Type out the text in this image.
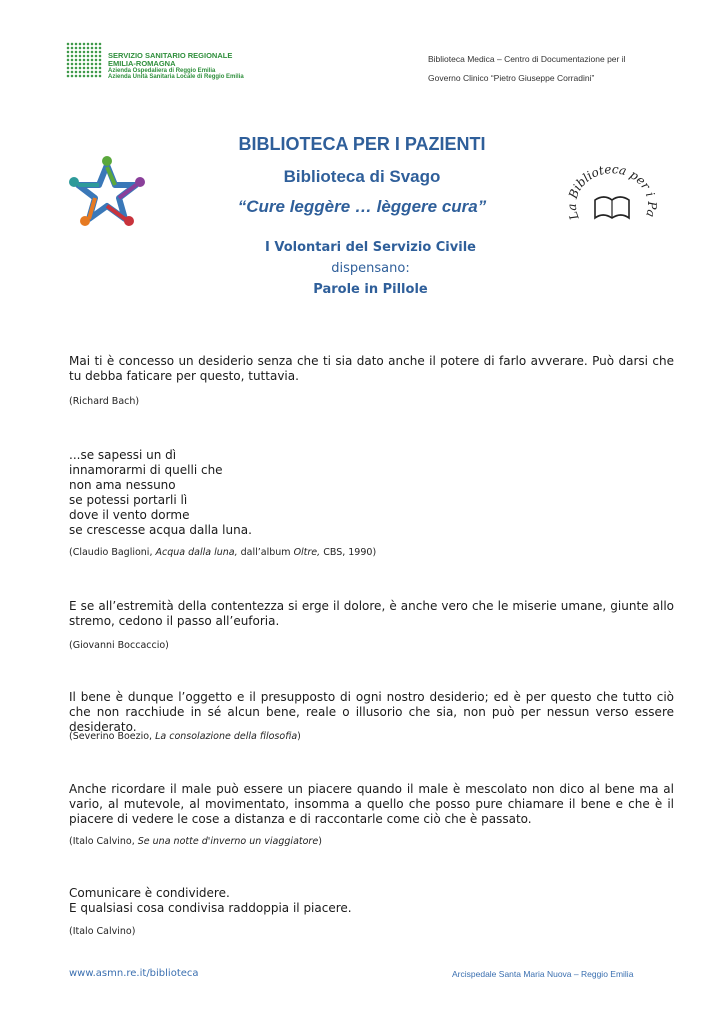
SERVIZIO SANITARIO REGIONALE
EMILIA-ROMAGNA
Azienda Ospedaliera di Reggio Emilia
Azienda Unità Sanitaria Locale di Reggio Emilia
Biblioteca Medica – Centro di Documentazione per il
Governo Clinico “Pietro Giuseppe Corradini”
La Biblioteca per i Pa
BIBLIOTECA PER I PAZIENTI
Biblioteca di Svago
“Cure leggère … lèggere cura”
I Volontari del Servizio Civile
dispensano:
Parole in Pillole

Mai ti è concesso un desiderio senza che ti sia dato anche il potere di farlo avverare. Può darsi che tu debba faticare per questo, tuttavia.

(Richard Bach)

...se sapessi un dì
innamorarmi di quelli che
non ama nessuno
se potessi portarli lì
dove il vento dorme
se crescesse acqua dalla luna.

(Claudio Baglioni, Acqua dalla luna, dall’album Oltre, CBS, 1990)

E se all’estremità della contentezza si erge il dolore, è anche vero che le miserie umane, giunte allo stremo, cedono il passo all’euforia.

(Giovanni Boccaccio)

Il bene è dunque l’oggetto e il presupposto di ogni nostro desiderio; ed è per questo che tutto ciò che non racchiude in sé alcun bene, reale o illusorio che sia, non può per nessun verso essere desiderato.

(Severino Boezio, La consolazione della filosofia)

Anche ricordare il male può essere un piacere quando il male è mescolato non dico al bene ma al vario, al mutevole, al movimentato, insomma a quello che posso pure chiamare il bene e che è il piacere di vedere le cose a distanza e di raccontarle come ciò che è passato.

(Italo Calvino, Se una notte d'inverno un viaggiatore)

Comunicare è condividere.
E qualsiasi cosa condivisa raddoppia il piacere.

(Italo Calvino)
www.asmn.re.it/biblioteca	Arcispedale Santa Maria Nuova – Reggio Emilia
